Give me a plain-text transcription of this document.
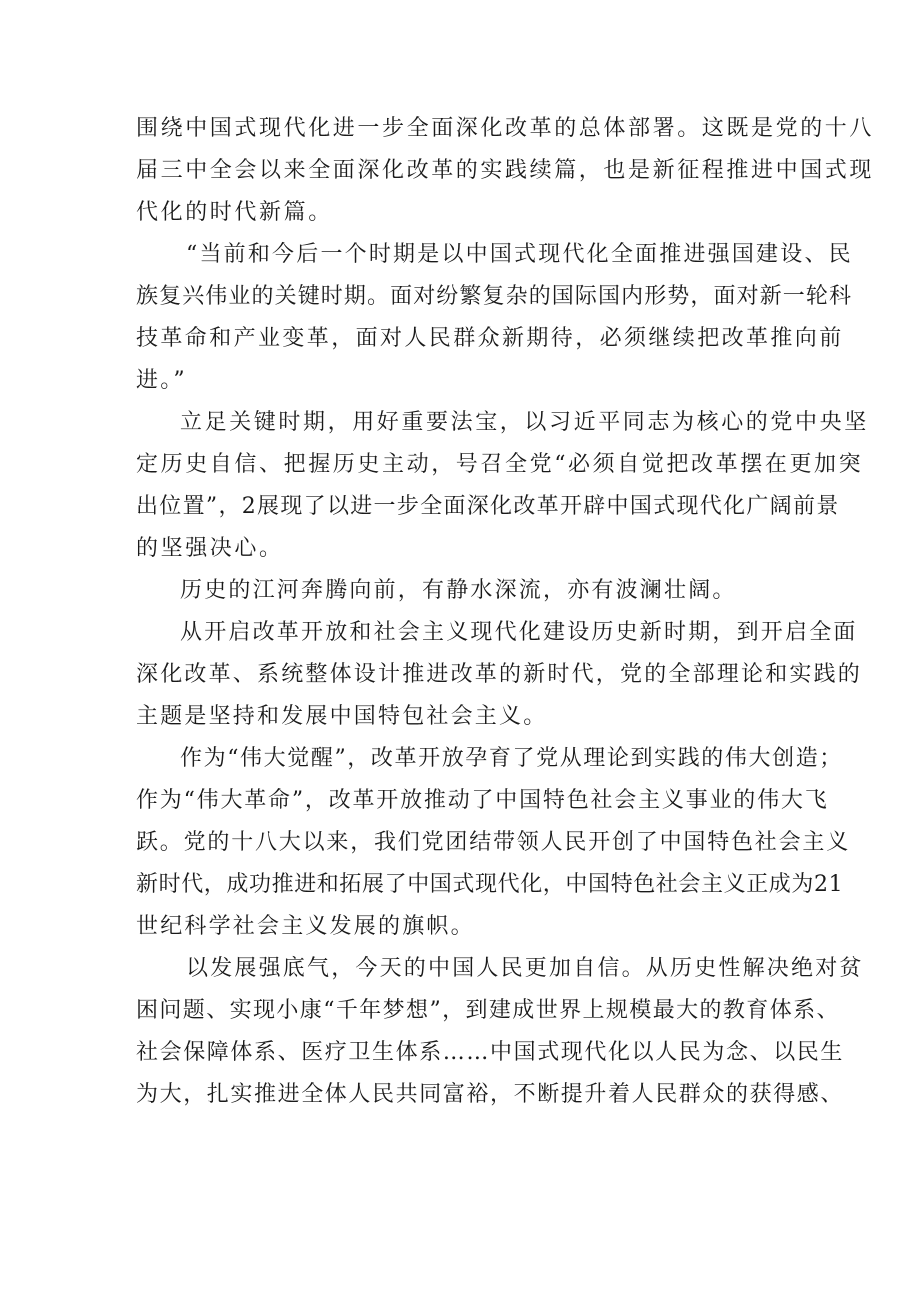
围绕中国式现代化进一步全面深化改革的总体部署。这既是党的十八
届三中全会以来全面深化改革的实践续篇，也是新征程推进中国式现
代化的时代新篇。
“当前和今后一个时期是以中国式现代化全面推进强国建设、民
族复兴伟业的关键时期。面对纷繁复杂的国际国内形势，面对新一轮科
技革命和产业变革，面对人民群众新期待，必须继续把改革推向前
进。”
立足关键时期，用好重要法宝，以习近平同志为核心的党中央坚
定历史自信、把握历史主动，号召全党“必须自觉把改革摆在更加突
出位置”，2展现了以进一步全面深化改革开辟中国式现代化广阔前景
的坚强决心。
历史的江河奔腾向前，有静水深流，亦有波澜壮阔。
从开启改革开放和社会主义现代化建设历史新时期，到开启全面
深化改革、系统整体设计推进改革的新时代，党的全部理论和实践的
主题是坚持和发展中国特包社会主义。
作为“伟大觉醒”，改革开放孕育了党从理论到实践的伟大创造；
作为“伟大革命”，改革开放推动了中国特色社会主义事业的伟大飞
跃。党的十八大以来，我们党团结带领人民开创了中国特色社会主义
新时代，成功推进和拓展了中国式现代化，中国特色社会主义正成为21
世纪科学社会主义发展的旗帜。
以发展强底气，今天的中国人民更加自信。从历史性解决绝对贫
困问题、实现小康“千年梦想”，到建成世界上规模最大的教育体系、
社会保障体系、医疗卫生体系……中国式现代化以人民为念、以民生
为大，扎实推进全体人民共同富裕，不断提升着人民群众的获得感、
